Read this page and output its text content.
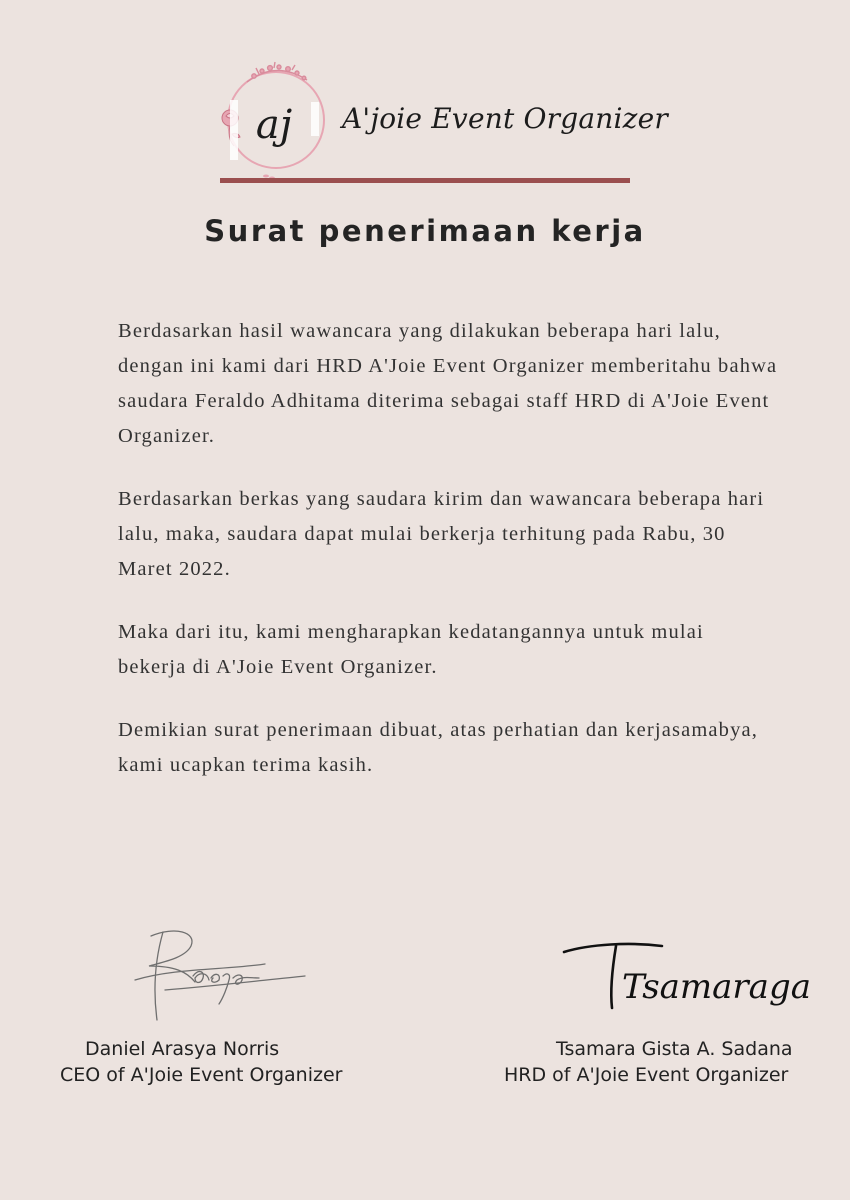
aj A'joie Event Organizer
Surat penerimaan kerja

Berdasarkan hasil wawancara yang dilakukan beberapa hari lalu, dengan ini kami dari HRD A'Joie Event Organizer memberitahu bahwa saudara Feraldo Adhitama diterima sebagai staff HRD di A'Joie Event Organizer.

Berdasarkan berkas yang saudara kirim dan wawancara beberapa hari lalu, maka, saudara dapat mulai berkerja terhitung pada Rabu, 30 Maret 2022.

Maka dari itu, kami mengharapkan kedatangannya untuk mulai bekerja di A'Joie Event Organizer.

Demikian surat penerimaan dibuat, atas perhatian dan kerjasamabya, kami ucapkan terima kasih.

Daniel Arasya Norris
CEO of A'Joie Event Organizer
Tsamaraga
Tsamara Gista A. Sadana
HRD of A'Joie Event Organizer
